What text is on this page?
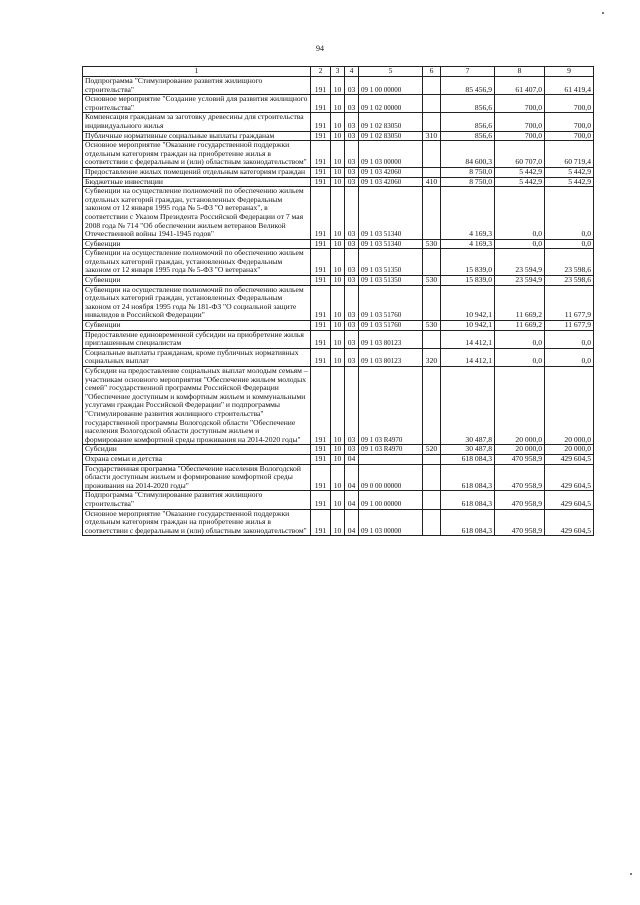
94
1	2	3	4	5	6	7	8	9
Подпрограмма "Стимулирование развития жилищного строительства"	191	10	03	09 1 00 00000		85 456,9	61 407,0	61 419,4
Основное мероприятие "Создание условий для развития жилищного строительства"	191	10	03	09 1 02 00000		856,6	700,0	700,0
Компенсация гражданам за заготовку древесины для строительства индивидуального жилья	191	10	03	09 1 02 83050		856,6	700,0	700,0
Публичные нормативные социальные выплаты гражданам	191	10	03	09 1 02 83050	310	856,6	700,0	700,0
Основное мероприятие "Оказание государственной поддержки отдельным категориям граждан на приобретение жилья в соответствии с федеральным и (или) областным законодательством"	191	10	03	09 1 03 00000		84 600,3	60 707,0	60 719,4
Предоставление жилых помещений отдельным категориям граждан	191	10	03	09 1 03 42060		8 750,0	5 442,9	5 442,9
Бюджетные инвестиции	191	10	03	09 1 03 42060	410	8 750,0	5 442,9	5 442,9
Субвенции на осуществление полномочий по обеспечению жильем отдельных категорий граждан, установленных Федеральным законом от 12 января 1995 года № 5-ФЗ "О ветеранах", в соответствии с Указом Президента Российской Федерации от 7 мая 2008 года № 714 "Об обеспечении жильем ветеранов Великой Отечественной войны 1941-1945 годов"	191	10	03	09 1 03 51340		4 169,3	0,0	0,0
Субвенции	191	10	03	09 1 03 51340	530	4 169,3	0,0	0,0
Субвенции на осуществление полномочий по обеспечению жильем отдельных категорий граждан, установленных Федеральным законом от 12 января 1995 года № 5-ФЗ "О ветеранах"	191	10	03	09 1 03 51350		15 839,0	23 594,9	23 598,6
Субвенции	191	10	03	09 1 03 51350	530	15 839,0	23 594,9	23 598,6
Субвенции на осуществление полномочий по обеспечению жильем отдельных категорий граждан, установленных Федеральным законом от 24 ноября 1995 года № 181-ФЗ "О социальной защите инвалидов в Российской Федерации"	191	10	03	09 1 03 51760		10 942,1	11 669,2	11 677,9
Субвенции	191	10	03	09 1 03 51760	530	10 942,1	11 669,2	11 677,9
Предоставление единовременной субсидии на приобретение жилья приглашенным специалистам	191	10	03	09 1 03 80123		14 412,1	0,0	0,0
Социальные выплаты гражданам, кроме публичных нормативных социальных выплат	191	10	03	09 1 03 80123	320	14 412,1	0,0	0,0
Субсидии на предоставление социальных выплат молодым семьям – участникам основного мероприятия "Обеспечение жильем молодых семей" государственной программы Российской Федерации "Обеспечение доступным и комфортным жильем и коммунальными услугами граждан Российской Федерации" и подпрограммы "Стимулирование развития жилищного строительства" государственной программы Вологодской области "Обеспечение населения Вологодской области доступным жильем и формирование комфортной среды проживания на 2014-2020 годы"	191	10	03	09 1 03 R4970		30 487,8	20 000,0	20 000,0
Субсидии	191	10	03	09 1 03 R4970	520	30 487,8	20 000,0	20 000,0
Охрана семьи и детства	191	10	04			618 084,3	470 958,9	429 604,5
Государственная программа "Обеспечение населения Вологодской области доступным жильем и формирование комфортной среды проживания на 2014-2020 годы"	191	10	04	09 0 00 00000		618 084,3	470 958,9	429 604,5
Подпрограмма "Стимулирование развития жилищного строительства"	191	10	04	09 1 00 00000		618 084,3	470 958,9	429 604,5
Основное мероприятие "Оказание государственной поддержки отдельным категориям граждан на приобретение жилья в соответствии с федеральным и (или) областным законодательством"	191	10	04	09 1 03 00000		618 084,3	470 958,9	429 604,5
